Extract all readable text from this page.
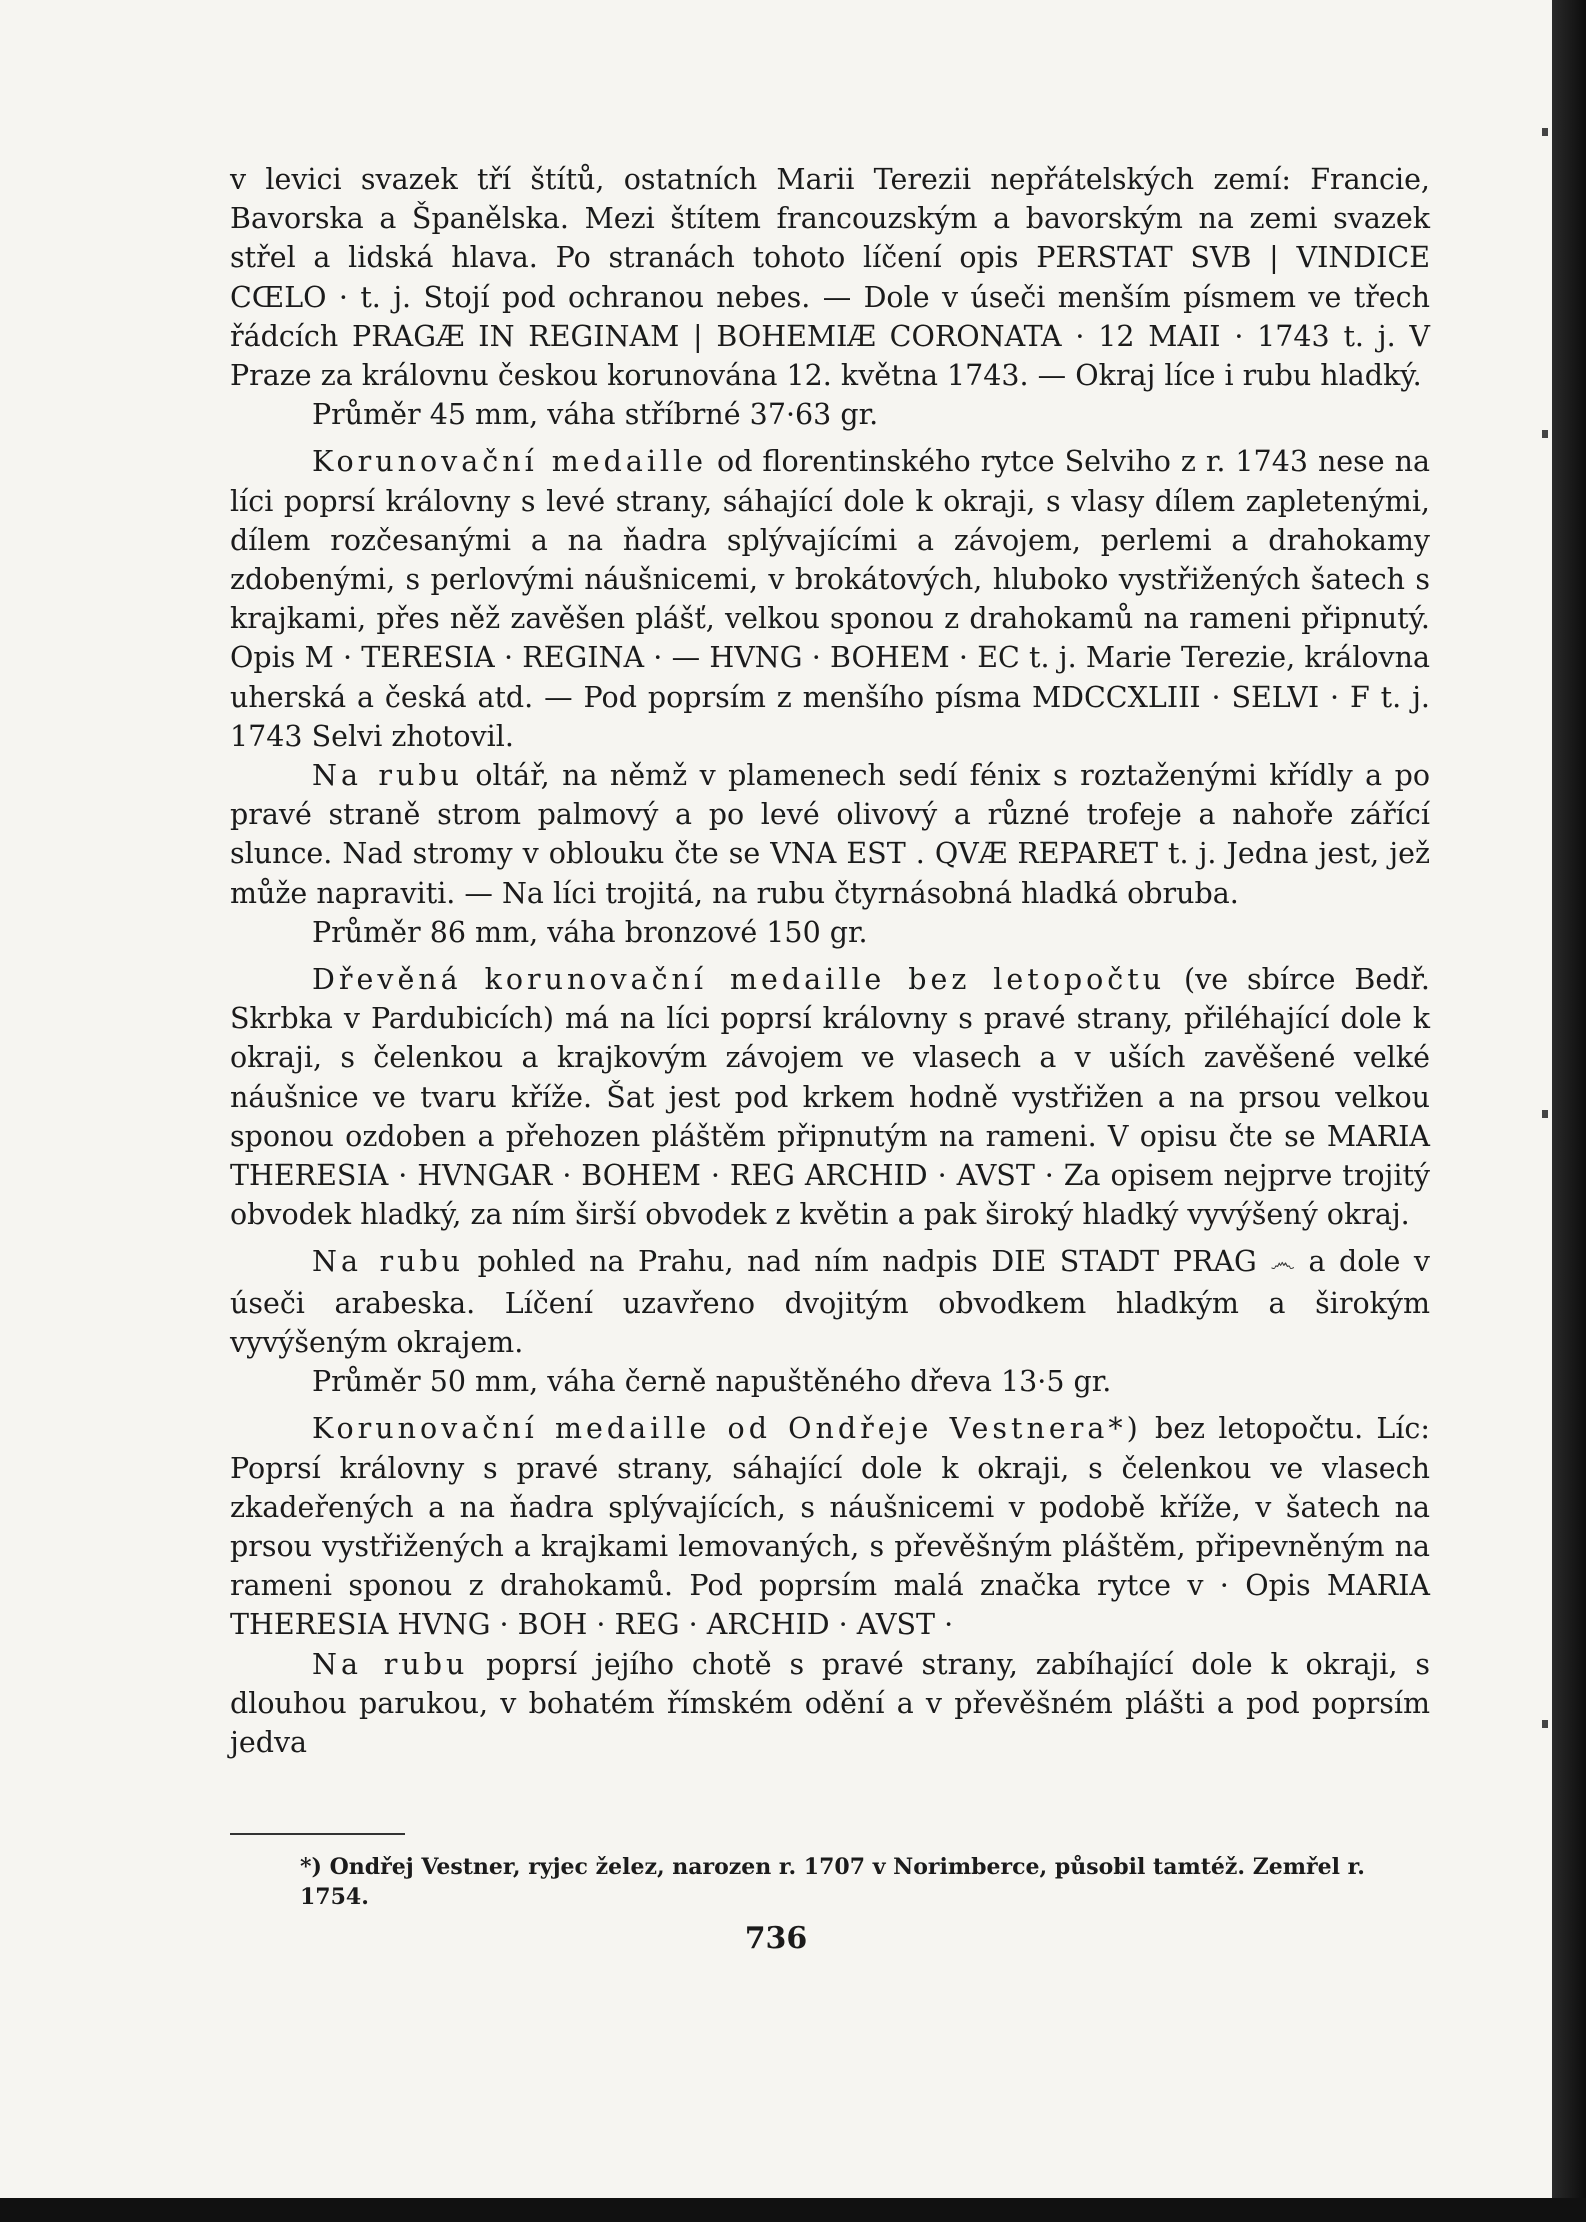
v levici svazek tří štítů, ostatních Marii Terezii nepřátelských zemí: Francie, Bavorska a Španělska. Mezi štítem francouzským a bavorským na zemi svazek střel a lidská hlava. Po stranách tohoto líčení opis PERSTAT SVB | VINDICE CŒLO · t. j. Stojí pod ochranou nebes. — Dole v úseči menším písmem ve třech řádcích PRAGÆ IN REGINAM | BOHEMIÆ CORONATA · 12 MAII · 1743 t. j. V Praze za královnu českou korunována 12. května 1743. — Okraj líce i rubu hladký.

Průměr 45 mm, váha stříbrné 37·63 gr.

Korunovační medaille od florentinského rytce Selviho z r. 1743 nese na líci poprsí královny s levé strany, sáhající dole k okraji, s vlasy dílem zapletenými, dílem rozčesanými a na ňadra splývajícími a závojem, perlemi a drahokamy zdobenými, s perlovými náušnicemi, v brokátových, hluboko vystřižených šatech s krajkami, přes něž zavěšen plášť, velkou sponou z drahokamů na rameni připnutý. Opis M · TERESIA · REGINA · — HVNG · BOHEM · EC t. j. Marie Terezie, královna uherská a česká atd. — Pod poprsím z menšího písma MDCCXLIII · SELVI · F t. j. 1743 Selvi zhotovil.

Na rubu oltář, na němž v plamenech sedí fénix s roztaženými křídly a po pravé straně strom palmový a po levé olivový a různé trofeje a nahoře zářící slunce. Nad stromy v oblouku čte se VNA EST . QVÆ REPARET t. j. Jedna jest, jež může napraviti. — Na líci trojitá, na rubu čtyrnásobná hladká obruba.

Průměr 86 mm, váha bronzové 150 gr.

Dřevěná korunovační medaille bez letopočtu (ve sbírce Bedř. Skrbka v Pardubicích) má na líci poprsí královny s pravé strany, přiléhající dole k okraji, s čelenkou a krajkovým závojem ve vlasech a v uších zavěšené velké náušnice ve tvaru kříže. Šat jest pod krkem hodně vystřižen a na prsou velkou sponou ozdoben a přehozen pláštěm připnutým na rameni. V opisu čte se MARIA THERESIA · HVNGAR · BOHEM · REG ARCHID · AVST · Za opisem nejprve trojitý obvodek hladký, za ním širší obvodek z květin a pak široký hladký vyvýšený okraj.

Na rubu pohled na Prahu, nad ním nadpis DIE STADT PRAG ෴ a dole v úseči arabeska. Líčení uzavřeno dvojitým obvodkem hladkým a širokým vyvýšeným okrajem.

Průměr 50 mm, váha černě napuštěného dřeva 13·5 gr.

Korunovační medaille od Ondřeje Vestnera*) bez letopočtu. Líc: Poprsí královny s pravé strany, sáhající dole k okraji, s čelenkou ve vlasech zkadeřených a na ňadra splývajících, s náušnicemi v podobě kříže, v šatech na prsou vystřižených a krajkami lemovaných, s převěšným pláštěm, připevněným na rameni sponou z drahokamů. Pod poprsím malá značka rytce v · Opis MARIA THERESIA HVNG · BOH · REG · ARCHID · AVST ·

Na rubu poprsí jejího chotě s pravé strany, zabíhající dole k okraji, s dlouhou parukou, v bohatém římském odění a v převěšném plášti a pod poprsím jedva

*) Ondřej Vestner, ryjec želez, narozen r. 1707 v Norimberce, působil tamtéž. Zemřel r. 1754.
736
